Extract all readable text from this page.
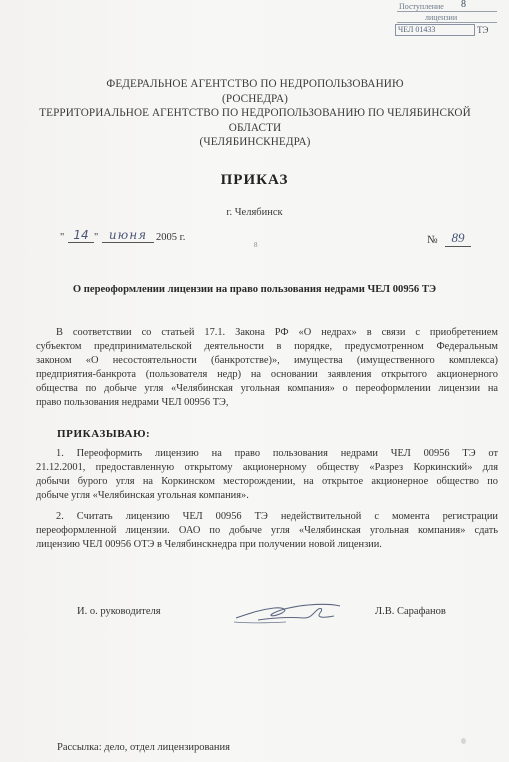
Поступление 8
лицензии
ЧЕЛ 01433	ТЭ
ФЕДЕРАЛЬНОЕ АГЕНТСТВО ПО НЕДРОПОЛЬЗОВАНИЮ
(РОСНЕДРА)
ТЕРРИТОРИАЛЬНОЕ АГЕНТСТВО ПО НЕДРОПОЛЬЗОВАНИЮ ПО ЧЕЛЯБИНСКОЙ
ОБЛАСТИ
(ЧЕЛЯБИНСКНЕДРА)
ПРИКАЗ
г. Челябинск
" 14 " июня 2005 г.
8	№	89
О переоформлении лицензии на право пользования недрами ЧЕЛ 00956 ТЭ
В соответствии со статьей 17.1. Закона РФ «О недрах» в связи с приобретением
субъектом предпринимательской деятельности в порядке, предусмотренном Федеральным
законом «О несостоятельности (банкротстве)», имущества (имущественного комплекса)
предприятия-банкрота (пользователя недр) на основании заявления открытого акционерного
общества по добыче угля «Челябинская угольная компания» о переоформлении лицензии на
право пользования недрами ЧЕЛ 00956 ТЭ,
ПРИКАЗЫВАЮ:
1. Переоформить лицензию на право пользования недрами ЧЕЛ 00956 ТЭ от
21.12.2001, предоставленную открытому акционерному обществу «Разрез Коркинский» для
добычи бурого угля на Коркинском месторождении, на открытое акционерное общество по
добыче угля «Челябинская угольная компания».
2. Считать лицензию ЧЕЛ 00956 ТЭ недействительной с момента регистрации
переоформленной лицензии. ОАО по добыче угля «Челябинская угольная компания» сдать
лицензию ЧЕЛ 00956 ОТЭ в Челябинскнедра при получении новой лицензии.
И. о. руководителя	Л.В. Сарафанов
Рассылка: дело, отдел лицензирования
